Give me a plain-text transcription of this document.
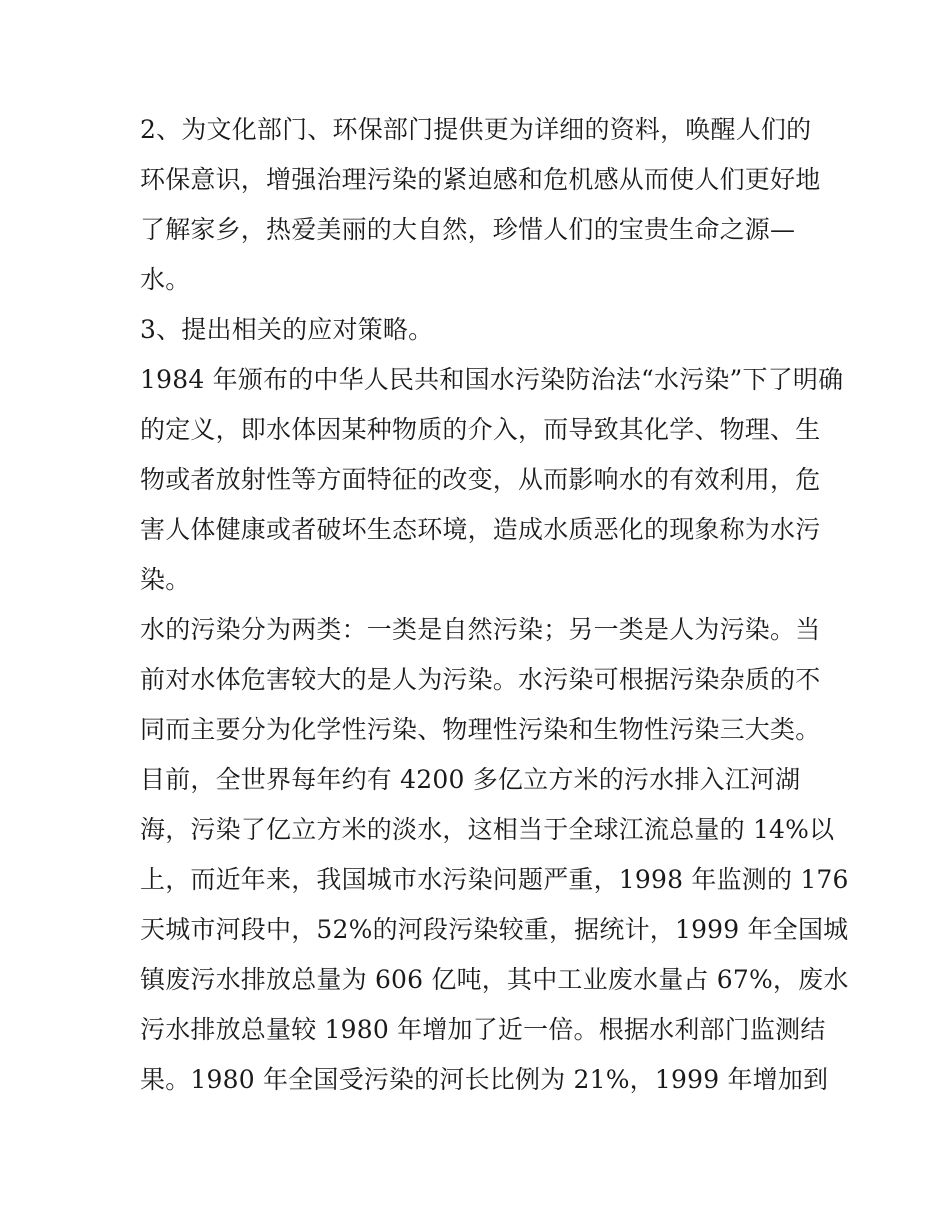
2、为文化部门、环保部门提供更为详细的资料，唤醒人们的
环保意识，增强治理污染的紧迫感和危机感从而使人们更好地
了解家乡，热爱美丽的大自然，珍惜人们的宝贵生命之源—
水。
3、提出相关的应对策略。
1984 年颁布的中华人民共和国水污染防治法“水污染”下了明确
的定义，即水体因某种物质的介入，而导致其化学、物理、生
物或者放射性等方面特征的改变，从而影响水的有效利用，危
害人体健康或者破坏生态环境，造成水质恶化的现象称为水污
染。
水的污染分为两类：一类是自然污染；另一类是人为污染。当
前对水体危害较大的是人为污染。水污染可根据污染杂质的不
同而主要分为化学性污染、物理性污染和生物性污染三大类。
目前，全世界每年约有 4200 多亿立方米的污水排入江河湖
海，污染了亿立方米的淡水，这相当于全球江流总量的 14%以
上，而近年来，我国城市水污染问题严重，1998 年监测的 176
天城市河段中，52%的河段污染较重，据统计，1999 年全国城
镇废污水排放总量为 606 亿吨，其中工业废水量占 67%，废水
污水排放总量较 1980 年增加了近一倍。根据水利部门监测结
果。1980 年全国受污染的河长比例为 21%，1999 年增加到
